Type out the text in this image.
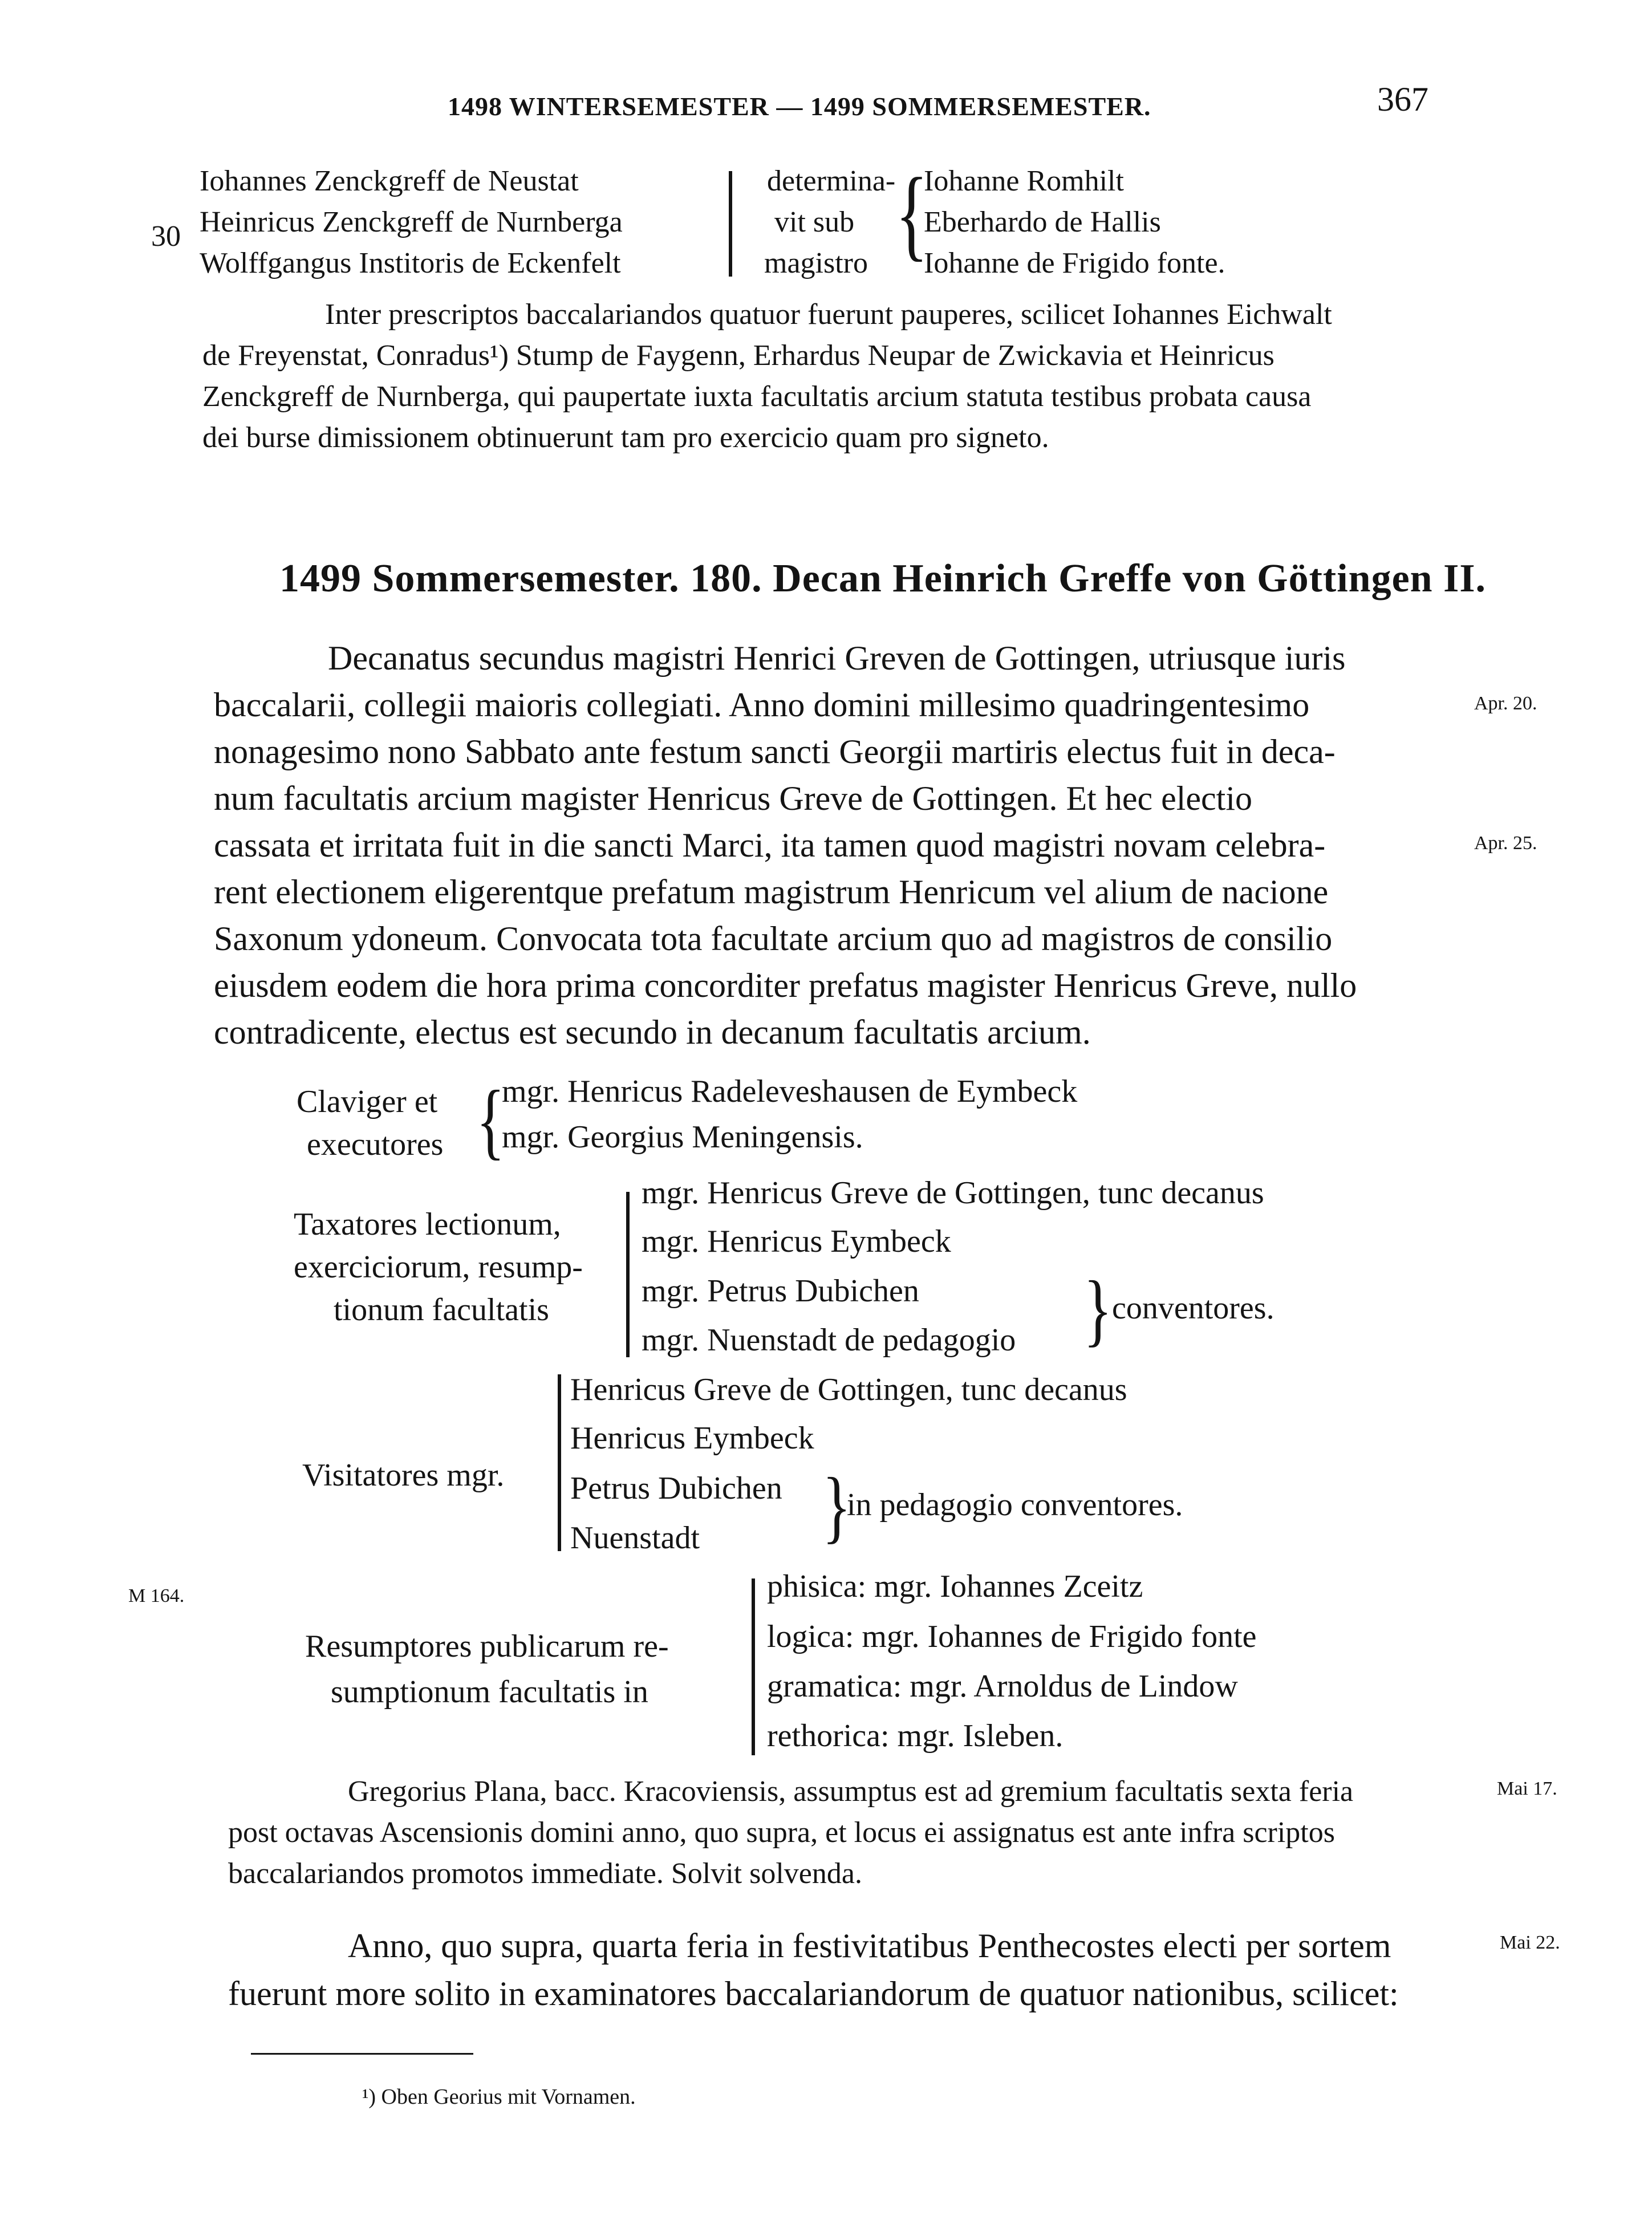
1498 WINTERSEMESTER — 1499 SOMMERSEMESTER.	367
30
Iohannes Zenckgreff de Neustat
Heinricus Zenckgreff de Nurnberga
Wolffgangus Institoris de Eckenfelt
determina-
vit sub
magistro {
Iohanne Romhilt
Eberhardo de Hallis
Iohanne de Frigido fonte.
Inter prescriptos baccalariandos quatuor fuerunt pauperes, scilicet Iohannes Eichwalt
de Freyenstat, Conradus¹) Stump de Faygenn, Erhardus Neupar de Zwickavia et Heinricus
Zenckgreff de Nurnberga, qui paupertate iuxta facultatis arcium statuta testibus probata causa
dei burse dimissionem obtinuerunt tam pro exercicio quam pro signeto.
1499 Sommersemester. 180. Decan Heinrich Greffe von Göttingen II.
Decanatus secundus magistri Henrici Greven de Gottingen, utriusque iuris
baccalarii, collegii maioris collegiati. Anno domini millesimo quadringentesimo
nonagesimo nono Sabbato ante festum sancti Georgii martiris electus fuit in deca-
num facultatis arcium magister Henricus Greve de Gottingen. Et hec electio
cassata et irritata fuit in die sancti Marci, ita tamen quod magistri novam celebra-
rent electionem eligerentque prefatum magistrum Henricum vel alium de nacione
Saxonum ydoneum. Convocata tota facultate arcium quo ad magistros de consilio
eiusdem eodem die hora prima concorditer prefatus magister Henricus Greve, nullo
contradicente, electus est secundo in decanum facultatis arcium.
Apr. 20.
Apr. 25.
Claviger et
executores {
mgr. Henricus Radeleveshausen de Eymbeck
mgr. Georgius Meningensis.
Taxatores lectionum,
exerciciorum, resump-
tionum facultatis
mgr. Henricus Greve de Gottingen, tunc decanus
mgr. Henricus Eymbeck
mgr. Petrus Dubichen
mgr. Nuenstadt de pedagogio } conventores.
Visitatores mgr.
Henricus Greve de Gottingen, tunc decanus
Henricus Eymbeck
Petrus Dubichen
Nuenstadt }
in pedagogio conventores.
M 164.
Resumptores publicarum re-
sumptionum facultatis in
phisica: mgr. Iohannes Zceitz
logica: mgr. Iohannes de Frigido fonte
gramatica: mgr. Arnoldus de Lindow
rethorica: mgr. Isleben.
Gregorius Plana, bacc. Kracoviensis, assumptus est ad gremium facultatis sexta feria
post octavas Ascensionis domini anno, quo supra, et locus ei assignatus est ante infra scriptos
baccalariandos promotos immediate. Solvit solvenda.
Mai 17.
Anno, quo supra, quarta feria in festivitatibus Penthecostes electi per sortem
fuerunt more solito in examinatores baccalariandorum de quatuor nationibus, scilicet:
Mai 22.
¹) Oben Georius mit Vornamen.
